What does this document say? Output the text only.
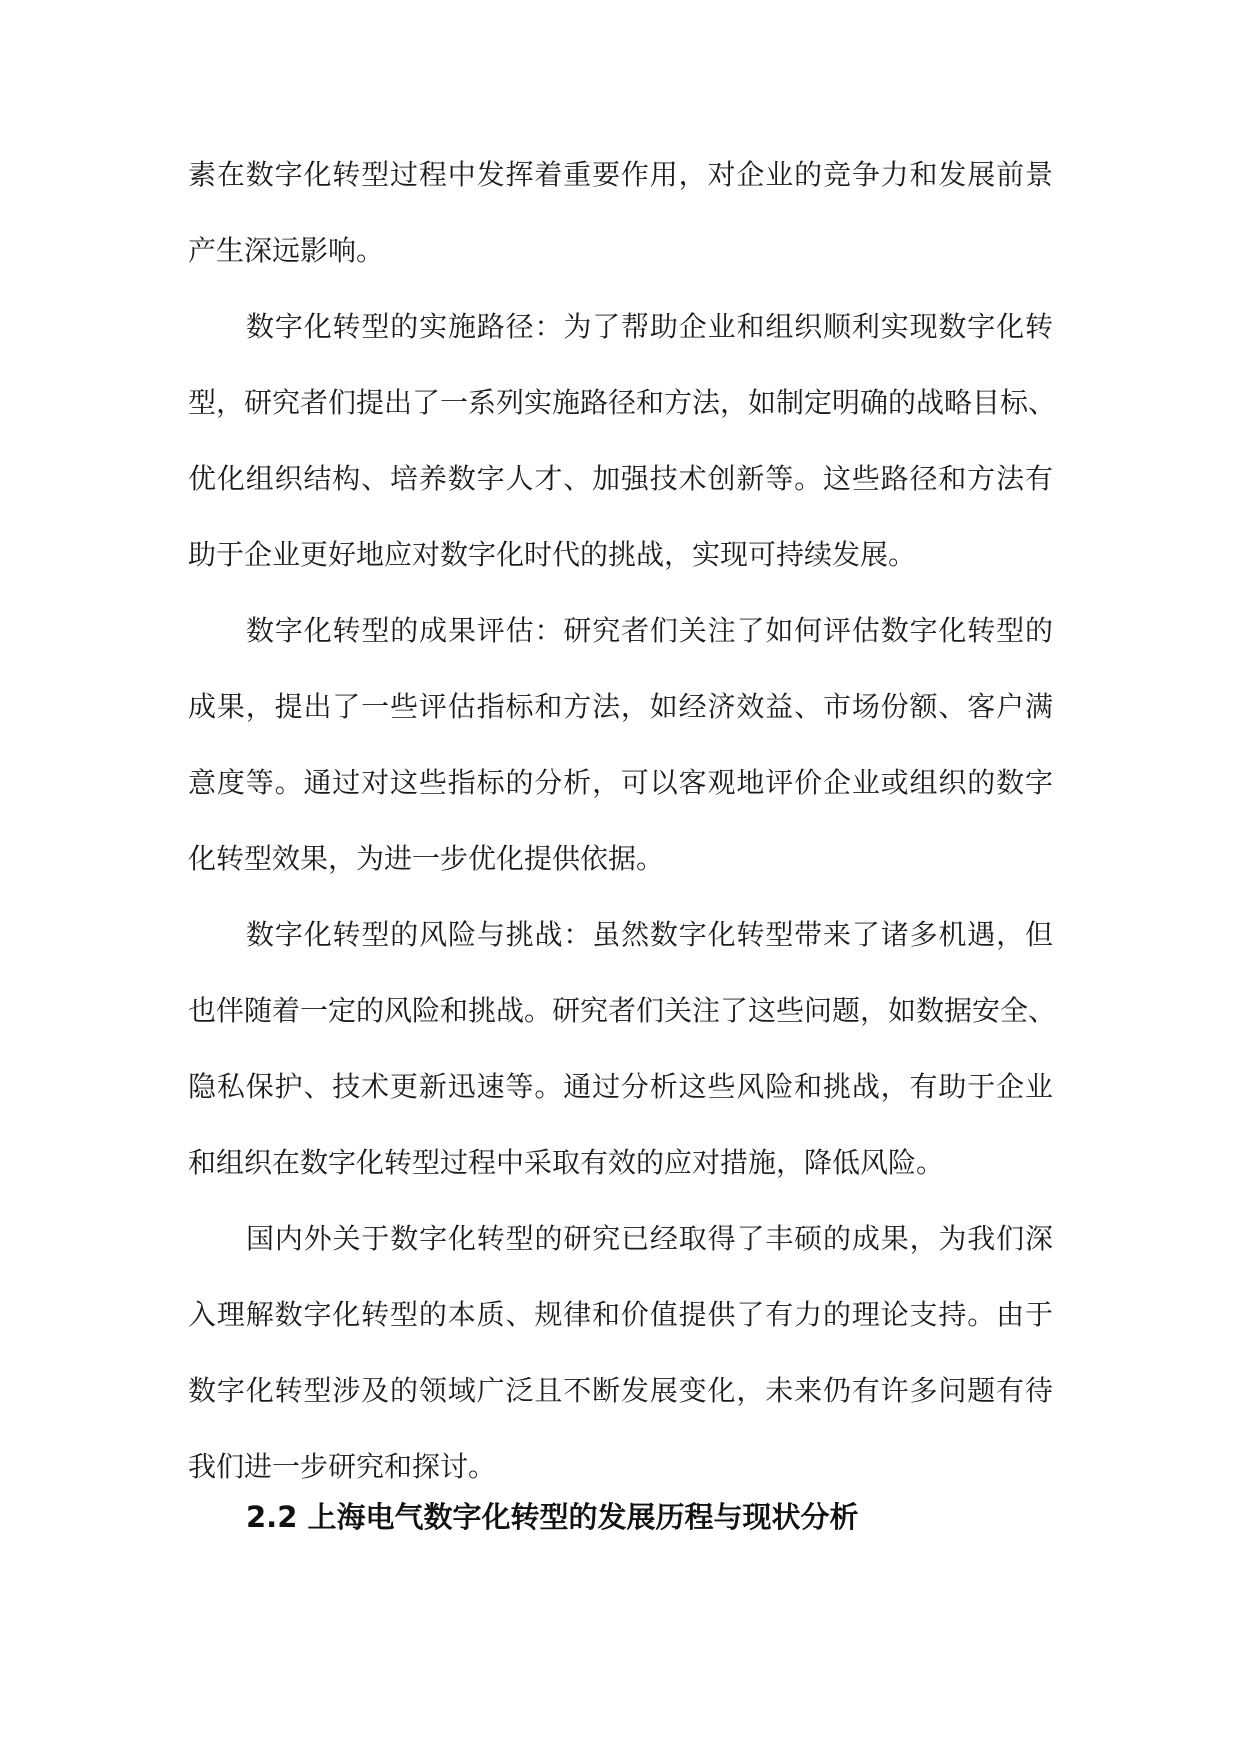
素在数字化转型过程中发挥着重要作用，对企业的竞争力和发展前景
产生深远影响。
数字化转型的实施路径：为了帮助企业和组织顺利实现数字化转
型，研究者们提出了一系列实施路径和方法，如制定明确的战略目标、
优化组织结构、培养数字人才、加强技术创新等。这些路径和方法有
助于企业更好地应对数字化时代的挑战，实现可持续发展。
数字化转型的成果评估：研究者们关注了如何评估数字化转型的
成果，提出了一些评估指标和方法，如经济效益、市场份额、客户满
意度等。通过对这些指标的分析，可以客观地评价企业或组织的数字
化转型效果，为进一步优化提供依据。
数字化转型的风险与挑战：虽然数字化转型带来了诸多机遇，但
也伴随着一定的风险和挑战。研究者们关注了这些问题，如数据安全、
隐私保护、技术更新迅速等。通过分析这些风险和挑战，有助于企业
和组织在数字化转型过程中采取有效的应对措施，降低风险。
国内外关于数字化转型的研究已经取得了丰硕的成果，为我们深
入理解数字化转型的本质、规律和价值提供了有力的理论支持。由于
数字化转型涉及的领域广泛且不断发展变化，未来仍有许多问题有待
我们进一步研究和探讨。
2.2 上海电气数字化转型的发展历程与现状分析
